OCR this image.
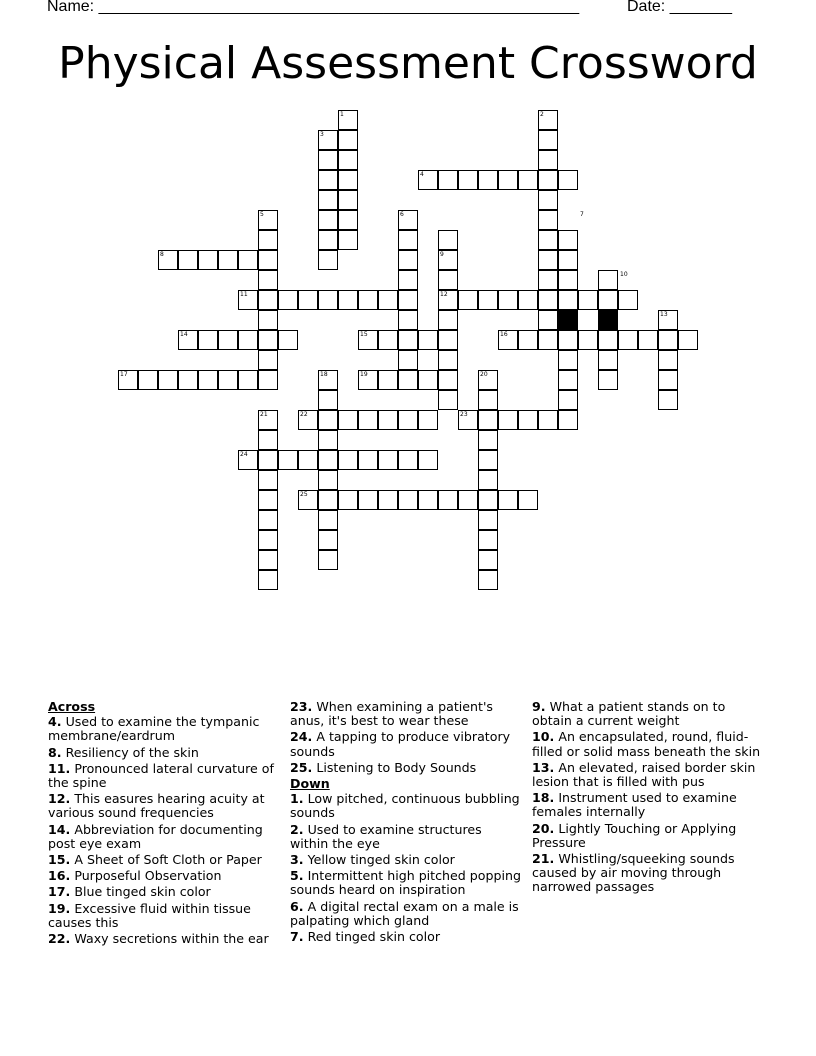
Name: ______________________________________________________	Date: _______
Physical Assessment Crossword
1	2
3
4
5	6	7
8	9
10
11	12
13
14	15	16
17	18	19	20
21	22	23
24
25
Across
4. Used to examine the tympanic membrane/eardrum
8. Resiliency of the skin
11. Pronounced lateral curvature of the spine
12. This easures hearing acuity at various sound frequencies
14. Abbreviation for documenting post eye exam
15. A Sheet of Soft Cloth or Paper
16. Purposeful Observation
17. Blue tinged skin color
19. Excessive fluid within tissue causes this
22. Waxy secretions within the ear
23. When examining a patient's anus, it's best to wear these
24. A tapping to produce vibratory sounds
25. Listening to Body Sounds
Down
1. Low pitched, continuous bubbling sounds
2. Used to examine structures within the eye
3. Yellow tinged skin color
5. Intermittent high pitched popping sounds heard on inspiration
6. A digital rectal exam on a male is palpating which gland
7. Red tinged skin color
9. What a patient stands on to obtain a current weight
10. An encapsulated, round, fluid-filled or solid mass beneath the skin
13. An elevated, raised border skin lesion that is filled with pus
18. Instrument used to examine females internally
20. Lightly Touching or Applying Pressure
21. Whistling/squeeking sounds caused by air moving through narrowed passages
